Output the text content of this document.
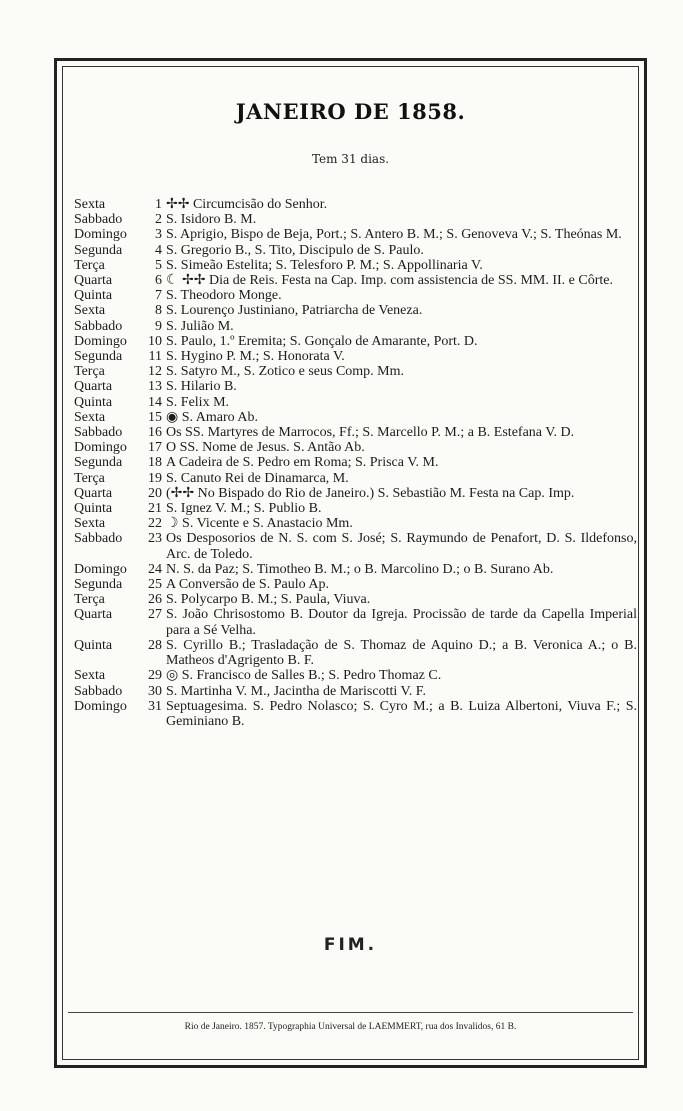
JANEIRO DE 1858.
Tem 31 dias.
Sexta	1 ✢✢ Circumcisão do Senhor.
Sabbado	2 S. Isidoro B. M.
Domingo	3 S. Aprigio, Bispo de Beja, Port.; S. Antero B. M.; S. Genoveva V.; S. Theónas M.
Segunda	4 S. Gregorio B., S. Tito, Discipulo de S. Paulo.
Terça	5 S. Simeão Estelita; S. Telesforo P. M.; S. Appollinaria V.
Quarta	6 ☾ ✢✢ Dia de Reis. Festa na Cap. Imp. com assistencia de SS. MM. II. e Côrte.
Quinta	7 S. Theodoro Monge.
Sexta	8 S. Lourenço Justiniano, Patriarcha de Veneza.
Sabbado	9 S. Julião M.
Domingo	10 S. Paulo, 1.º Eremita; S. Gonçalo de Amarante, Port. D.
Segunda	11 S. Hygino P. M.; S. Honorata V.
Terça	12 S. Satyro M., S. Zotico e seus Comp. Mm.
Quarta	13 S. Hilario B.
Quinta	14 S. Felix M.
Sexta	15 ◉ S. Amaro Ab.
Sabbado	16 Os SS. Martyres de Marrocos, Ff.; S. Marcello P. M.; a B. Estefana V. D.
Domingo	17 O SS. Nome de Jesus. S. Antão Ab.
Segunda	18 A Cadeira de S. Pedro em Roma; S. Prisca V. M.
Terça	19 S. Canuto Rei de Dinamarca, M.
Quarta	20 (✢✢ No Bispado do Rio de Janeiro.) S. Sebastião M. Festa na Cap. Imp.
Quinta	21 S. Ignez V. M.; S. Publio B.
Sexta	22 ☽ S. Vicente e S. Anastacio Mm.
Sabbado	23 Os Desposorios de N. S. com S. José; S. Raymundo de Penafort, D. S. Ildefonso, Arc. de Toledo.
Domingo	24 N. S. da Paz; S. Timotheo B. M.; o B. Marcolino D.; o B. Surano Ab.
Segunda	25 A Conversão de S. Paulo Ap.
Terça	26 S. Polycarpo B. M.; S. Paula, Viuva.
Quarta	27 S. João Chrisostomo B. Doutor da Igreja. Procissão de tarde da Capella Imperial para a Sé Velha.
Quinta	28 S. Cyrillo B.; Trasladação de S. Thomaz de Aquino D.; a B. Veronica A.; o B. Matheos d'Agrigento B. F.
Sexta	29 ◎ S. Francisco de Salles B.; S. Pedro Thomaz C.
Sabbado	30 S. Martinha V. M., Jacintha de Mariscotti V. F.
Domingo	31 Septuagesima. S. Pedro Nolasco; S. Cyro M.; a B. Luiza Albertoni, Viuva F.; S. Geminiano B.
FIM.
Rio de Janeiro. 1857. Typographia Universal de LAEMMERT, rua dos Invalidos, 61 B.
